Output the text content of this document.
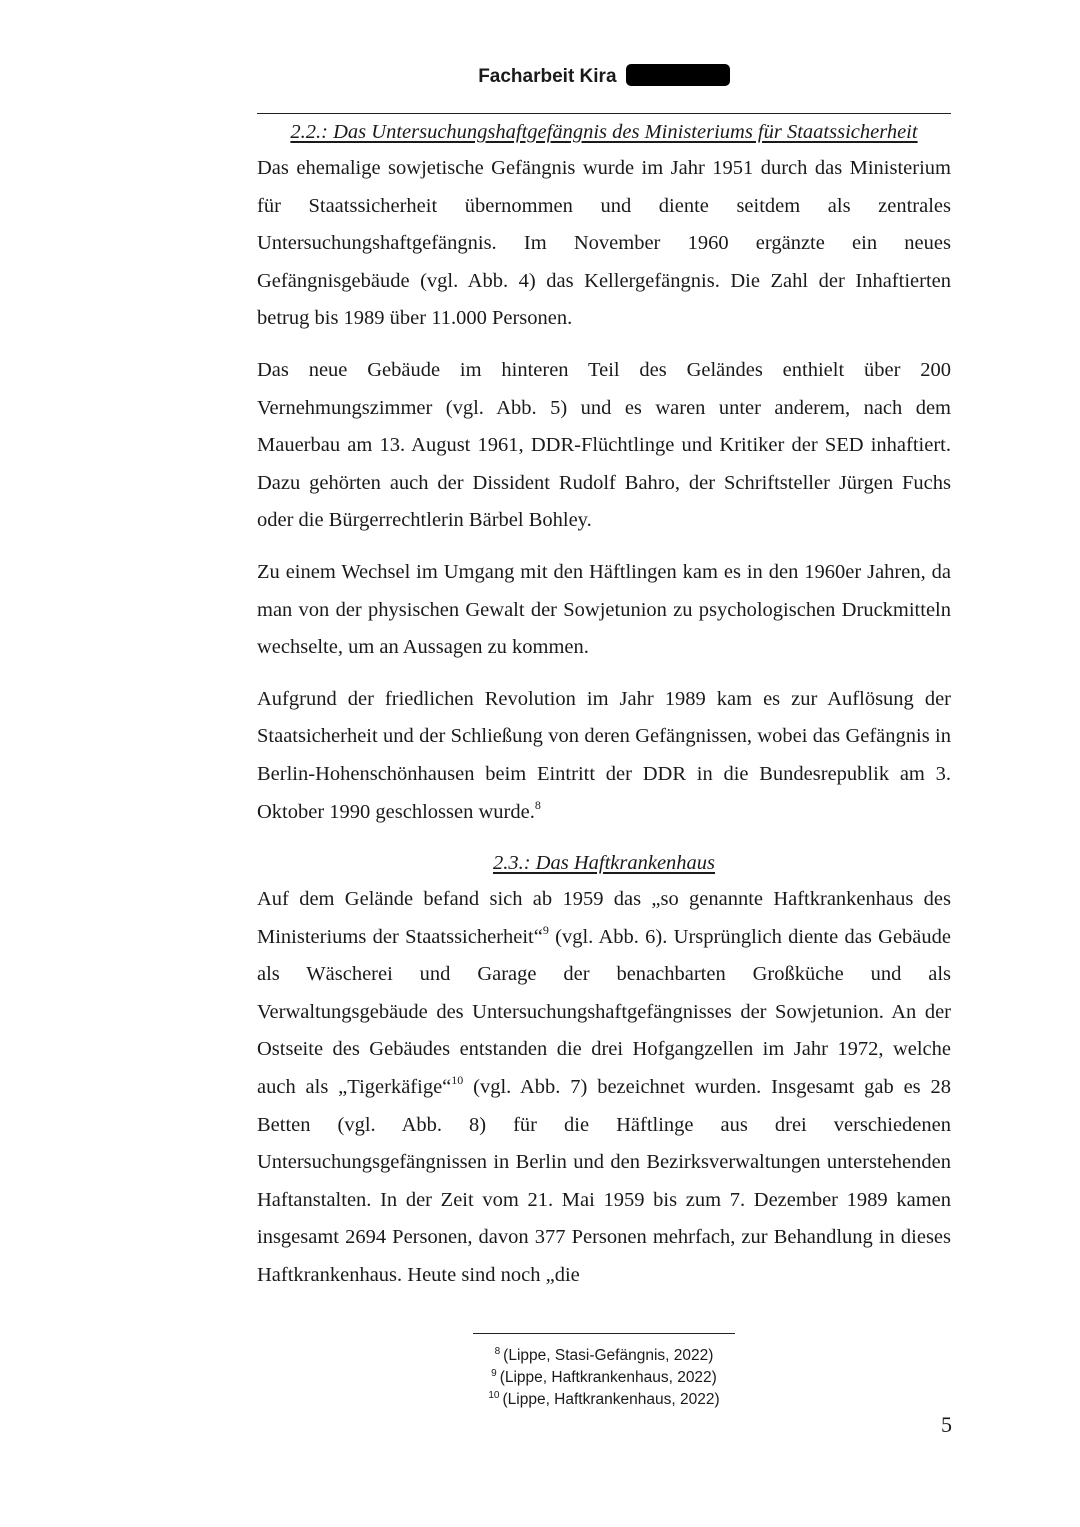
Facharbeit Kira
2.2.: Das Untersuchungshaftgefängnis des Ministeriums für Staatssicherheit

Das ehemalige sowjetische Gefängnis wurde im Jahr 1951 durch das Ministerium für Staatssicherheit übernommen und diente seitdem als zentrales Untersuchungshaftgefängnis. Im November 1960 ergänzte ein neues Gefängnisgebäude (vgl. Abb. 4) das Kellergefängnis. Die Zahl der Inhaftierten betrug bis 1989 über 11.000 Personen.

Das neue Gebäude im hinteren Teil des Geländes enthielt über 200 Vernehmungszimmer (vgl. Abb. 5) und es waren unter anderem, nach dem Mauerbau am 13. August 1961, DDR-Flüchtlinge und Kritiker der SED inhaftiert. Dazu gehörten auch der Dissident Rudolf Bahro, der Schriftsteller Jürgen Fuchs oder die Bürgerrechtlerin Bärbel Bohley.

Zu einem Wechsel im Umgang mit den Häftlingen kam es in den 1960er Jahren, da man von der physischen Gewalt der Sowjetunion zu psychologischen Druckmitteln wechselte, um an Aussagen zu kommen.

Aufgrund der friedlichen Revolution im Jahr 1989 kam es zur Auflösung der Staatsicherheit und der Schließung von deren Gefängnissen, wobei das Gefängnis in Berlin-Hohenschönhausen beim Eintritt der DDR in die Bundesrepublik am 3. Oktober 1990 geschlossen wurde.$^8$

2.3.: Das Haftkrankenhaus

Auf dem Gelände befand sich ab 1959 das „so genannte Haftkrankenhaus des Ministeriums der Staatssicherheit“$^9$ (vgl. Abb. 6). Ursprünglich diente das Gebäude als Wäscherei und Garage der benachbarten Großküche und als Verwaltungsgebäude des Untersuchungshaftgefängnisses der Sowjetunion. An der Ostseite des Gebäudes entstanden die drei Hofgangzellen im Jahr 1972, welche auch als „Tigerkäfige“$^{10}$ (vgl. Abb. 7) bezeichnet wurden. Insgesamt gab es 28 Betten (vgl. Abb. 8) für die Häftlinge aus drei verschiedenen Untersuchungsgefängnissen in Berlin und den Bezirksverwaltungen unterstehenden Haftanstalten. In der Zeit vom 21. Mai 1959 bis zum 7. Dezember 1989 kamen insgesamt 2694 Personen, davon 377 Personen mehrfach, zur Behandlung in dieses Haftkrankenhaus. Heute sind noch „die

$^8$ (Lippe, Stasi-Gefängnis, 2022)
$^9$ (Lippe, Haftkrankenhaus, 2022)
$^{10}$ (Lippe, Haftkrankenhaus, 2022)
5
